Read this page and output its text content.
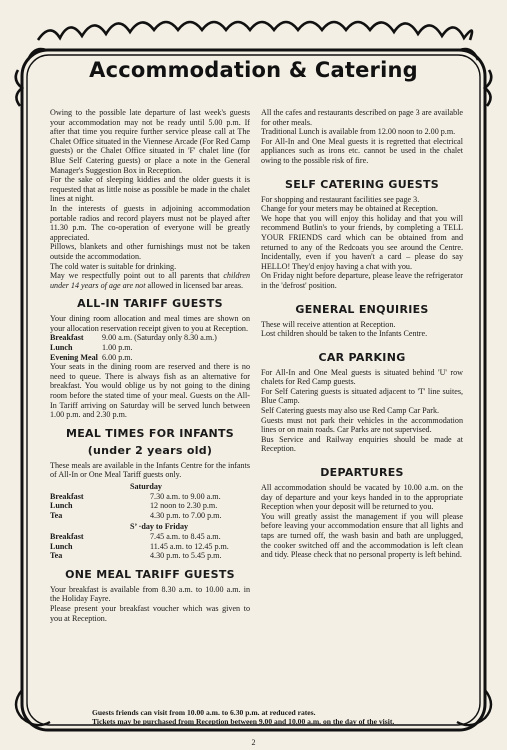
Accommodation & Catering

Owing to the possible late departure of last week's guests your accommodation may not be ready until 5.00 p.m. If after that time you require further service please call at The Chalet Office situated in the Viennese Arcade (For Red Camp guests) or the Chalet Office situated in 'F' chalet line (for Blue Self Catering guests) or place a note in the General Manager's Suggestion Box in Reception.

For the sake of sleeping kiddies and the older guests it is requested that as little noise as possible be made in the chalet lines at night.

In the interests of guests in adjoining accommodation portable radios and record players must not be played after 11.30 p.m. The co-operation of everyone will be greatly appreciated.

Pillows, blankets and other furnishings must not be taken outside the accommodation.

The cold water is suitable for drinking.

May we respectfully point out to all parents that children under 14 years of age are not allowed in licensed bar areas.

ALL-IN TARIFF GUESTS

Your dining room allocation and meal times are shown on your allocation reservation receipt given to you at Reception.

Breakfast	9.00 a.m. (Saturday only 8.30 a.m.)
Lunch	1.00 p.m.
Evening Meal 6.00 p.m.

Your seats in the dining room are reserved and there is no need to queue. There is always fish as an alternative for breakfast. You would oblige us by not going to the dining room before the stated time of your meal. Guests on the All-In Tariff arriving on Saturday will be served lunch between 1.00 p.m. and 2.30 p.m.

MEAL TIMES FOR INFANTS
(under 2 years old)

These meals are available in the Infants Centre for the infants of All-In or One Meal Tariff guests only.

Saturday
Breakfast	7.30 a.m. to 9.00 a.m.
Lunch	12 noon to 2.30 p.m.
Tea	4.30 p.m. to 7.00 p.m.
S’ ·day to Friday
Breakfast	7.45 a.m. to 8.45 a.m.
Lunch	11.45 a.m. to 12.45 p.m.
Tea	4.30 p.m. to 5.45 p.m.
ONE MEAL TARIFF GUESTS

Your breakfast is available from 8.30 a.m. to 10.00 a.m. in the Holiday Fayre.

Please present your breakfast voucher which was given to you at Reception.

All the cafes and restaurants described on page 3 are available for other meals.

Traditional Lunch is available from 12.00 noon to 2.00 p.m.

For All-In and One Meal guests it is regretted that electrical appliances such as irons etc. cannot be used in the chalet owing to the possible risk of fire.

SELF CATERING GUESTS

For shopping and restaurant facilities see page 3.

Change for your meters may be obtained at Reception.

We hope that you will enjoy this holiday and that you will recommend Butlin's to your friends, by completing a TELL YOUR FRIENDS card which can be obtained from and returned to any of the Redcoats you see around the Centre. Incidentally, even if you haven't a card – please do say HELLO! They'd enjoy having a chat with you.

On Friday night before departure, please leave the refrigerator in the 'defrost' position.

GENERAL ENQUIRIES

These will receive attention at Reception.

Lost children should be taken to the Infants Centre.

CAR PARKING

For All-In and One Meal guests is situated behind 'U' row chalets for Red Camp guests.

For Self Catering guests is situated adjacent to 'T' line suites, Blue Camp.

Self Catering guests may also use Red Camp Car Park.

Guests must not park their vehicles in the accommodation lines or on main roads. Car Parks are not supervised.

Bus Service and Railway enquiries should be made at Reception.

DEPARTURES

All accommodation should be vacated by 10.00 a.m. on the day of departure and your keys handed in to the appropriate Reception when your deposit will be returned to you.

You will greatly assist the management if you will please before leaving your accommodation ensure that all lights and taps are turned off, the wash basin and bath are unplugged, the cooker switched off and the accommodation is left clean and tidy. Please check that no personal property is left behind.

Guests friends can visit from 10.00 a.m. to 6.30 p.m. at reduced rates.
Tickets may be purchased from Reception between 9.00 and 10.00 a.m. on the day of the visit.
2
